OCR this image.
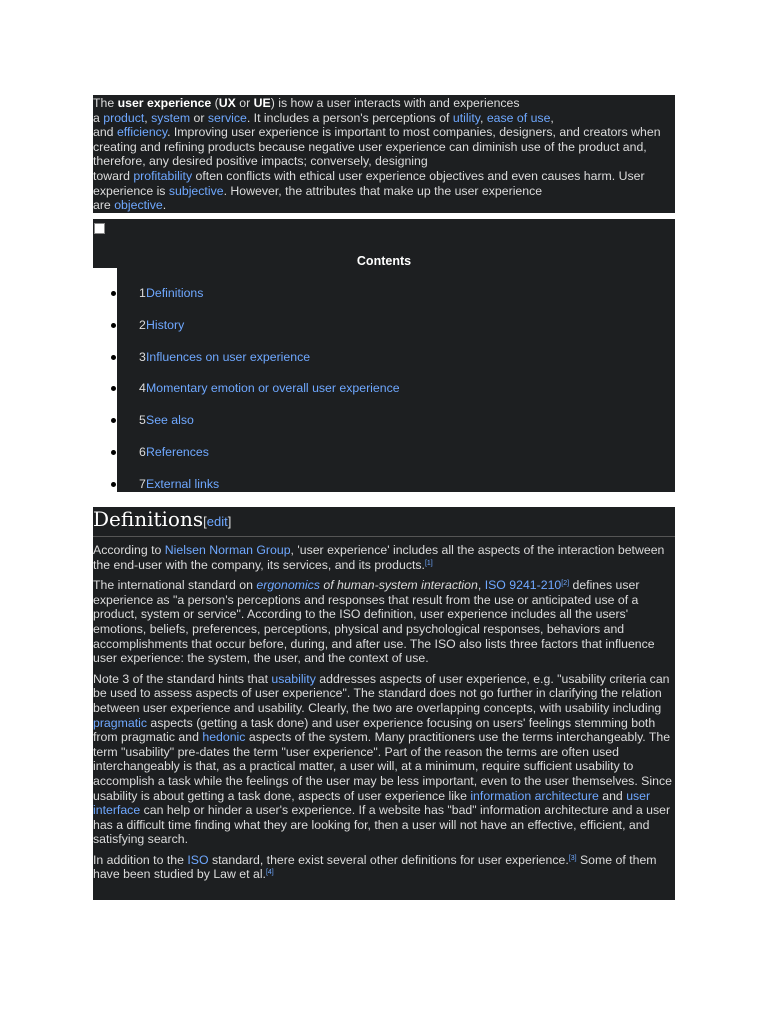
The user experience (UX or UE) is how a user interacts with and experiences
a product, system or service. It includes a person's perceptions of utility, ease of use,
and efficiency. Improving user experience is important to most companies, designers, and creators when creating and refining products because negative user experience can diminish use of the product and, therefore, any desired positive impacts; conversely, designing
toward profitability often conflicts with ethical user experience objectives and even causes harm. User experience is subjective. However, the attributes that make up the user experience
are objective.

Contents
1 Definitions
2 History
3 Influences on user experience
4 Momentary emotion or overall user experience
5 See also
6 References
7 External links
Definitions[edit]

According to Nielsen Norman Group, 'user experience' includes all the aspects of the interaction between the end-user with the company, its services, and its products.[1]

The international standard on ergonomics of human-system interaction, ISO 9241-210[2] defines user experience as "a person's perceptions and responses that result from the use or anticipated use of a product, system or service". According to the ISO definition, user experience includes all the users' emotions, beliefs, preferences, perceptions, physical and psychological responses, behaviors and accomplishments that occur before, during, and after use. The ISO also lists three factors that influence user experience: the system, the user, and the context of use.

Note 3 of the standard hints that usability addresses aspects of user experience, e.g. "usability criteria can be used to assess aspects of user experience". The standard does not go further in clarifying the relation between user experience and usability. Clearly, the two are overlapping concepts, with usability including pragmatic aspects (getting a task done) and user experience focusing on users' feelings stemming both from pragmatic and hedonic aspects of the system. Many practitioners use the terms interchangeably. The term "usability" pre-dates the term "user experience". Part of the reason the terms are often used interchangeably is that, as a practical matter, a user will, at a minimum, require sufficient usability to accomplish a task while the feelings of the user may be less important, even to the user themselves. Since usability is about getting a task done, aspects of user experience like information architecture and user interface can help or hinder a user's experience. If a website has "bad" information architecture and a user has a difficult time finding what they are looking for, then a user will not have an effective, efficient, and satisfying search.

In addition to the ISO standard, there exist several other definitions for user experience.[3] Some of them have been studied by Law et al.[4]
